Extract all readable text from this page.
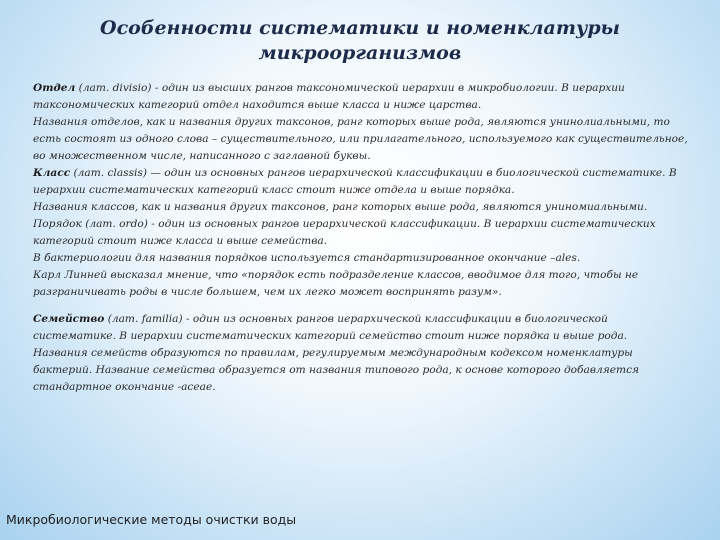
Особенности систематики и номенклатуры
микроорганизмов

Отдел (лат. divisio) - один из высших рангов таксономической иерархии в микробиологии. В иерархии таксономических категорий отдел находится выше класса и ниже царства.
Названия отделов, как и названия других таксонов, ранг которых выше рода, являются унинолиальными, то есть состоят из одного слова – существительного, или прилагательного, используемого как существительное, во множественном числе, написанного с заглавной буквы.
Класс (лат. classis) — один из основных рангов иерархической классификации в биологической систематике. В иерархии систематических категорий класс стоит ниже отдела и выше порядка.
Названия классов, как и названия других таксонов, ранг которых выше рода, являются униномиальными.
Порядок (лат. ordo) - один из основных рангов иерархической классификации. В иерархии систематических категорий стоит ниже класса и выше семейства.
В бактериологии для названия порядков используется стандартизированное окончание –ales.
Карл Линней высказал мнение, что «порядок есть подразделение классов, вводимое для того, чтобы не разграничивать роды в числе большем, чем их легко может воспринять разум».

Семейство (лат. familia) - один из основных рангов иерархической классификации в биологической систематике. В иерархии систематических категорий семейство стоит ниже порядка и выше рода.
Названия семейств образуются по правилам, регулируемым международным кодексом номенклатуры бактерий. Название семейства образуется от названия типового рода, к основе которого добавляется стандартное окончание -aceae.

Микробиологические методы очистки воды
